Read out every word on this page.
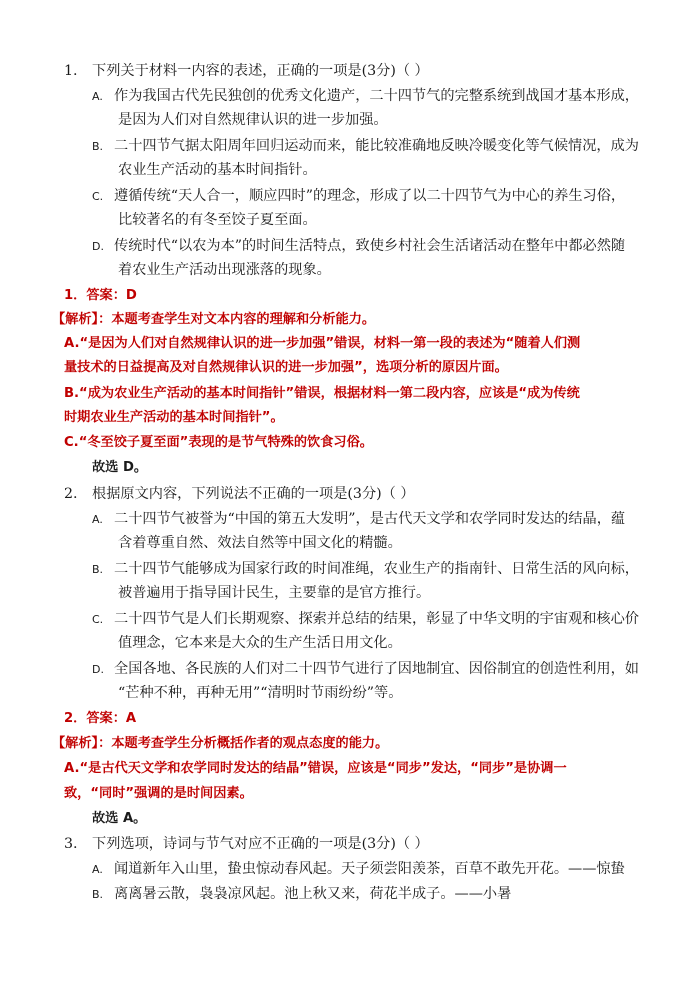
1. 下列关于材料一内容的表述，正确的一项是(3分)（ ）
A. 作为我国古代先民独创的优秀文化遗产，二十四节气的完整系统到战国才基本形成，
是因为人们对自然规律认识的进一步加强。
B. 二十四节气据太阳周年回归运动而来，能比较准确地反映冷暖变化等气候情况，成为
农业生产活动的基本时间指针。
C. 遵循传统“天人合一，顺应四时”的理念，形成了以二十四节气为中心的养生习俗，
比较著名的有冬至饺子夏至面。
D. 传统时代“以农为本”的时间生活特点，致使乡村社会生活诸活动在整年中都必然随
着农业生产活动出现涨落的现象。
1．答案：D
【解析】：本题考查学生对文本内容的理解和分析能力。
A.“是因为人们对自然规律认识的进一步加强”错误，材料一第一段的表述为“随着人们测
量技术的日益提高及对自然规律认识的进一步加强”，选项分析的原因片面。
B.“成为农业生产活动的基本时间指针”错误，根据材料一第二段内容，应该是“成为传统
时期农业生产活动的基本时间指针”。
C.“冬至饺子夏至面”表现的是节气特殊的饮食习俗。
故选 D。
2. 根据原文内容，下列说法不正确的一项是(3分)（ ）
A. 二十四节气被誉为“中国的第五大发明”，是古代天文学和农学同时发达的结晶，蕴
含着尊重自然、效法自然等中国文化的精髓。
B. 二十四节气能够成为国家行政的时间准绳，农业生产的指南针、日常生活的风向标，
被普遍用于指导国计民生，主要靠的是官方推行。
C. 二十四节气是人们长期观察、探索并总结的结果，彰显了中华文明的宇宙观和核心价
值理念，它本来是大众的生产生活日用文化。
D. 全国各地、各民族的人们对二十四节气进行了因地制宜、因俗制宜的创造性利用，如
“芒种不种，再种无用”“清明时节雨纷纷”等。
2．答案：A
【解析】：本题考查学生分析概括作者的观点态度的能力。
A.“是古代天文学和农学同时发达的结晶”错误，应该是“同步”发达，“同步”是协调一
致，“同时”强调的是时间因素。
故选 A。
3. 下列选项，诗词与节气对应不正确的一项是(3分)（ ）
A. 闻道新年入山里，蛰虫惊动春风起。天子须尝阳羡茶，百草不敢先开花。——惊蛰
B. 离离暑云散，袅袅凉风起。池上秋又来，荷花半成子。——小暑
